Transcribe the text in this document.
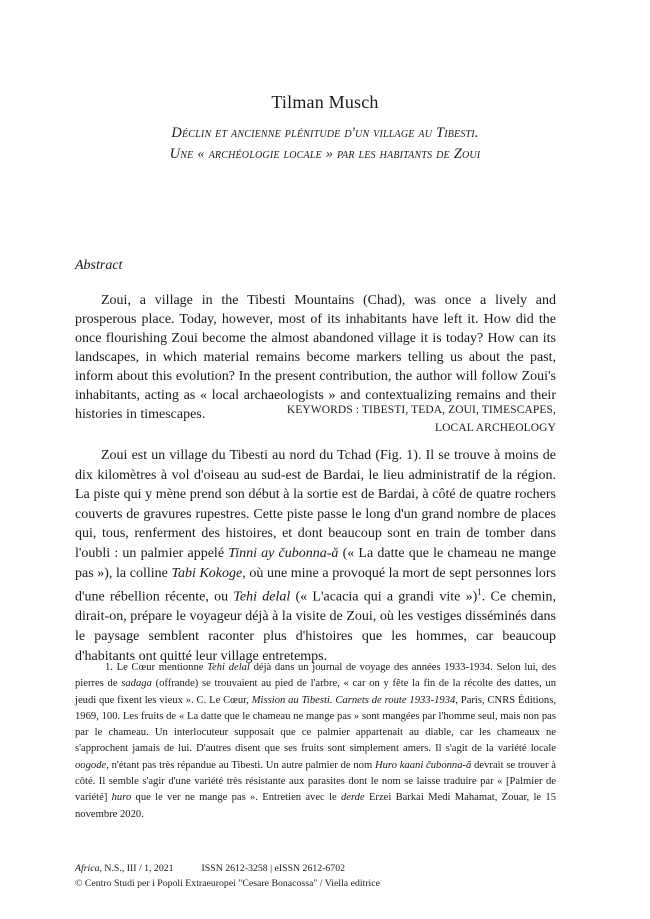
Tilman Musch
Déclin et ancienne plénitude d'un village au Tibesti.
Une « archéologie locale » par les habitants de Zoui
Abstract

Zoui, a village in the Tibesti Mountains (Chad), was once a lively and prosperous place. Today, however, most of its inhabitants have left it. How did the once flourishing Zoui become the almost abandoned village it is today? How can its landscapes, in which material remains become markers telling us about the past, inform about this evolution? In the present contribution, the author will follow Zoui's inhabitants, acting as « local archaeologists » and contextualizing remains and their histories in timescapes.	KEYWORDS : TIBESTI, TEDA, ZOUI, TIMESCAPES,
LOCAL ARCHEOLOGY

Zoui est un village du Tibesti au nord du Tchad (Fig. 1). Il se trouve à moins de dix kilomètres à vol d'oiseau au sud-est de Bardai, le lieu administratif de la région. La piste qui y mène prend son début à la sortie est de Bardai, à côté de quatre rochers couverts de gravures rupestres. Cette piste passe le long d'un grand nombre de places qui, tous, renferment des histoires, et dont beaucoup sont en train de tomber dans l'oubli : un palmier appelé Tinni ay čubonna-ă (« La datte que le chameau ne mange pas »), la colline Tabi Kokoge, où une mine a provoqué la mort de sept personnes lors d'une rébellion récente, ou Tehi delal (« L'acacia qui a grandi vite »)$^1$. Ce chemin, dirait-on, prépare le voyageur déjà à la visite de Zoui, où les vestiges disséminés dans le paysage semblent raconter plus d'histoires que les hommes, car beaucoup d'habitants ont quitté leur village entretemps.

1. Le Cœur mentionne Tehi delal déjà dans un journal de voyage des années 1933-1934. Selon lui, des pierres de sadaga (offrande) se trouvaient au pied de l'arbre, « car on y fête la fin de la récolte des dattes, un jeudi que fixent les vieux ». C. Le Cœur, Mission au Tibesti. Carnets de route 1933-1934, Paris, CNRS Éditions, 1969, 100. Les fruits de « La datte que le chameau ne mange pas » sont mangées par l'homme seul, mais non pas par le chameau. Un interlocuteur supposait que ce palmier appartenait au diable, car les chameaux ne s'approchent jamais de lui. D'autres disent que ses fruits sont simplement amers. Il s'agit de la variété locale oogode, n'étant pas très répandue au Tibesti. Un autre palmier de nom Huro kaani čubonna-ă devrait se trouver à côté. Il semble s'agir d'une variété très résistante aux parasites dont le nom se laisse traduire par « [Palmier de variété] huro que le ver ne mange pas ». Entretien avec le derde Erzei Barkai Medi Mahamat, Zouar, le 15 novembre 2020.

Africa, N.S., III / 1, 2021	ISSN 2612-3258 | eISSN 2612-6702
© Centro Studi per i Popoli Extraeuropei "Cesare Bonacossa" / Viella editrice
